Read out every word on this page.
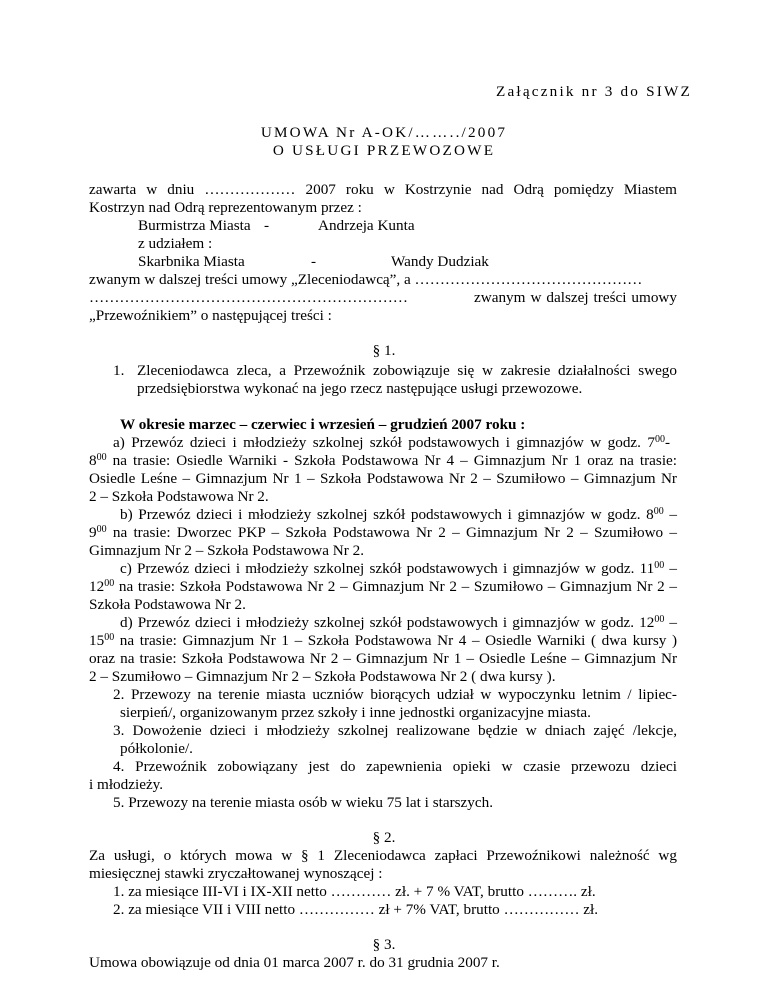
Załącznik nr 3 do SIWZ
UMOWA Nr A-OK/……../2007
O USŁUGI PRZEWOZOWE
zawarta w dniu ……………… 2007 roku w Kostrzynie nad Odrą pomiędzy Miastem
Kostrzyn nad Odrą reprezentowanym przez :
Burmistrza Miasta -	Andrzeja Kunta
z udziałem :
Skarbnika Miasta	-	Wandy Dudziak
zwanym w dalszej treści umowy „Zleceniodawcą”, a ………………………………………
………………………………………………………	zwanym w dalszej treści umowy
„Przewoźnikiem” o następującej treści :
§ 1.
1. Zleceniodawca zleca, a Przewoźnik zobowiązuje się w zakresie działalności swego
przedsiębiorstwa wykonać na jego rzecz następujące usługi przewozowe.
W okresie marzec – czerwiec i wrzesień – grudzień 2007 roku :
a) Przewóz dzieci i młodzieży szkolnej szkół podstawowych i gimnazjów w godz. $7^{00}-$
$8^{00}$ na trasie: Osiedle Warniki - Szkoła Podstawowa Nr 4 – Gimnazjum Nr 1 oraz na trasie:
Osiedle Leśne – Gimnazjum Nr 1 – Szkoła Podstawowa Nr 2 – Szumiłowo – Gimnazjum Nr
2 – Szkoła Podstawowa Nr 2.
b) Przewóz dzieci i młodzieży szkolnej szkół podstawowych i gimnazjów w godz. $8^{00}$ –
$9^{00}$ na trasie: Dworzec PKP – Szkoła Podstawowa Nr 2 – Gimnazjum Nr 2 – Szumiłowo –
Gimnazjum Nr 2 – Szkoła Podstawowa Nr 2.
c) Przewóz dzieci i młodzieży szkolnej szkół podstawowych i gimnazjów w godz. $11^{00}$ –
$12^{00}$ na trasie: Szkoła Podstawowa Nr 2 – Gimnazjum Nr 2 – Szumiłowo – Gimnazjum Nr 2 –
Szkoła Podstawowa Nr 2.
d) Przewóz dzieci i młodzieży szkolnej szkół podstawowych i gimnazjów w godz. $12^{00}$ –
$15^{00}$ na trasie: Gimnazjum Nr 1 – Szkoła Podstawowa Nr 4 – Osiedle Warniki ( dwa kursy )
oraz na trasie: Szkoła Podstawowa Nr 2 – Gimnazjum Nr 1 – Osiedle Leśne – Gimnazjum Nr
2 – Szumiłowo – Gimnazjum Nr 2 – Szkoła Podstawowa Nr 2 ( dwa kursy ).
2. Przewozy na terenie miasta uczniów biorących udział w wypoczynku letnim / lipiec-
sierpień/, organizowanym przez szkoły i inne jednostki organizacyjne miasta.
3. Dowożenie dzieci i młodzieży szkolnej realizowane będzie w dniach zajęć /lekcje,
półkolonie/.
4. Przewoźnik zobowiązany jest do zapewnienia opieki w czasie przewozu dzieci
i młodzieży.
5. Przewozy na terenie miasta osób w wieku 75 lat i starszych.
§ 2.
Za usługi, o których mowa w § 1 Zleceniodawca zapłaci Przewoźnikowi należność wg
miesięcznej stawki zryczałtowanej wynoszącej :
1. za miesiące III-VI i IX-XII netto ………… zł. + 7 % VAT, brutto ………. zł.
2. za miesiące VII i VIII netto …………… zł + 7% VAT, brutto …………… zł.
§ 3.
Umowa obowiązuje od dnia 01 marca 2007 r. do 31 grudnia 2007 r.
